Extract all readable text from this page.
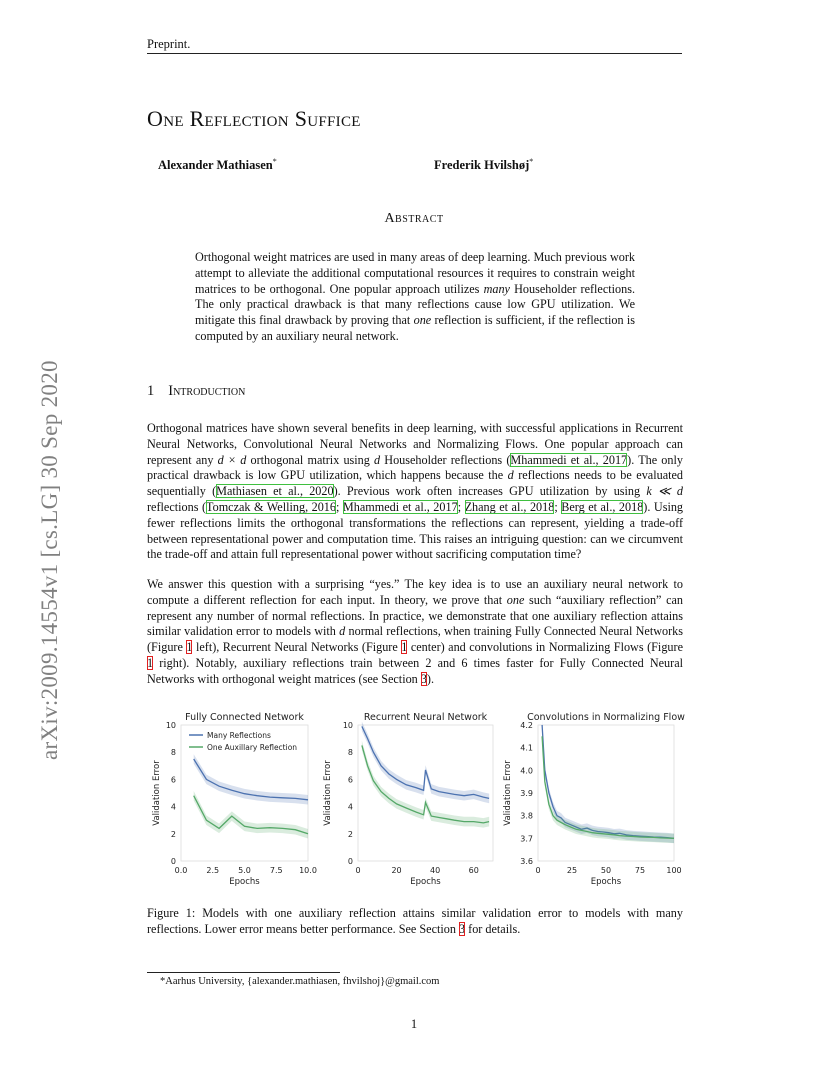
Preprint.
One Reflection Suffice
Alexander Mathiasen*	Frederik Hvilshøj*
Abstract
Orthogonal weight matrices are used in many areas of deep learning. Much previous work attempt to alleviate the additional computational resources it requires to constrain weight matrices to be orthogonal. One popular approach utilizes many Householder reflections. The only practical drawback is that many reflections cause low GPU utilization. We mitigate this final drawback by proving that one reflection is sufficient, if the reflection is computed by an auxiliary neural network.
1 Introduction
Orthogonal matrices have shown several benefits in deep learning, with successful applications in Recurrent Neural Networks, Convolutional Neural Networks and Normalizing Flows. One popular approach can represent any d × d orthogonal matrix using d Householder reflections (Mhammedi et al., 2017). The only practical drawback is low GPU utilization, which happens because the d reflections needs to be evaluated sequentially (Mathiasen et al., 2020). Previous work often increases GPU utilization by using k ≪ d reflections (Tomczak & Welling, 2016; Mhammedi et al., 2017; Zhang et al., 2018; Berg et al., 2018). Using fewer reflections limits the orthogonal transformations the reflections can represent, yielding a trade-off between representational power and computation time. This raises an intriguing question: can we circumvent the trade-off and attain full representational power without sacrificing computation time?
We answer this question with a surprising “yes.” The key idea is to use an auxiliary neural network to compute a different reflection for each input. In theory, we prove that one such “auxiliary reflection” can represent any number of normal reflections. In practice, we demonstrate that one auxiliary reflection attains similar validation error to models with d normal reflections, when training Fully Connected Neural Networks (Figure 1 left), Recurrent Neural Networks (Figure 1 center) and convolutions in Normalizing Flows (Figure 1 right). Notably, auxiliary reflections train between 2 and 6 times faster for Fully Connected Neural Networks with orthogonal weight matrices (see Section 3).
arXiv:2009.14554v1 [cs.LG] 30 Sep 2020	Fully Connected Network
0.0 2.5 5.0 7.5 10.0
0
2
4
6
8
10
Epochs
Validation Error
Many Reflections
One Auxillary Reflection
Recurrent Neural Network
0	20	40	60
0
2
4
6
8
10
Epochs
Validation Error
Convolutions in Normalizing Flow
0	25	50	75	100
3.6
3.7
3.8
3.9
4.0
4.1
4.2
Epochs
Validation Error
Figure 1: Models with one auxiliary reflection attains similar validation error to models with many reflections. Lower error means better performance. See Section 3 for details.
*Aarhus University, {alexander.mathiasen, fhvilshoj}@gmail.com
1
